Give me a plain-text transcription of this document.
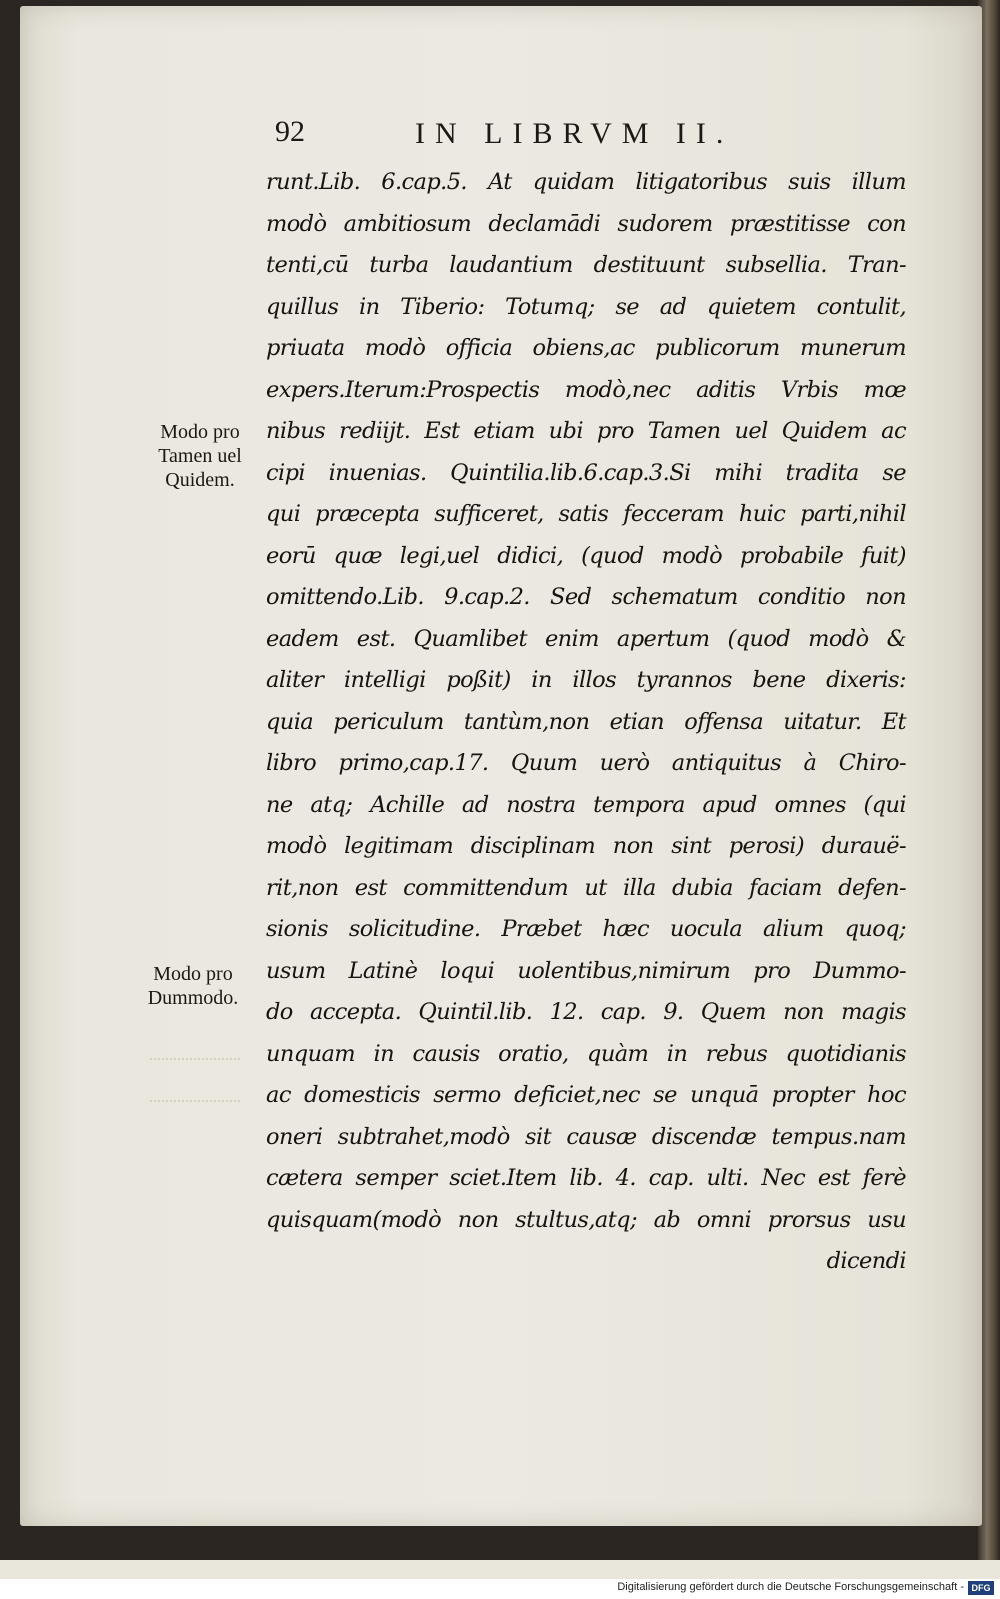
92	IN LIBRVM II.
runt.Lib. 6.cap.5. At quidam litigatoribus suis illum
modò ambitiosum declamādi sudorem præstitisse con
tenti,cū turba laudantium destituunt subsellia. Tran-
quillus in Tiberio: Totumq; se ad quietem contulit,
priuata modò officia obiens,ac publicorum munerum
expers.Iterum:Prospectis modò,nec aditis Vrbis mœ
nibus rediijt. Est etiam ubi pro Tamen uel Quidem ac
cipi inuenias. Quintilia.lib.6.cap.3.Si mihi tradita se
qui præcepta sufficeret, satis fecceram huic parti,nihil
eorū quæ legi,uel didici, (quod modò probabile fuit)
omittendo.Lib. 9.cap.2. Sed schematum conditio non
eadem est. Quamlibet enim apertum (quod modò &
aliter intelligi poßit) in illos tyrannos bene dixeris:
quia periculum tantùm,non etian offensa uitatur. Et
libro primo,cap.17. Quum uerò antiquitus à Chiro-
ne atq; Achille ad nostra tempora apud omnes (qui
modò legitimam disciplinam non sint perosi) durauë-
rit,non est committendum ut illa dubia faciam defen-
sionis solicitudine. Præbet hæc uocula alium quoq;
usum Latinè loqui uolentibus,nimirum pro Dummo-
do accepta. Quintil.lib. 12. cap. 9. Quem non magis
unquam in causis oratio, quàm in rebus quotidianis
ac domesticis sermo deficiet,nec se unquā propter hoc
oneri subtrahet,modò sit causæ discendæ tempus.nam
cætera semper sciet.Item lib. 4. cap. ulti. Nec est ferè
quisquam(modò non stultus,atq; ab omni prorsus usu
dicendi
Modo pro
Tamen uel
Quidem.
Modo pro
Dummodo.
Digitalisierung gefördert durch die Deutsche Forschungsgemeinschaft - DFG
